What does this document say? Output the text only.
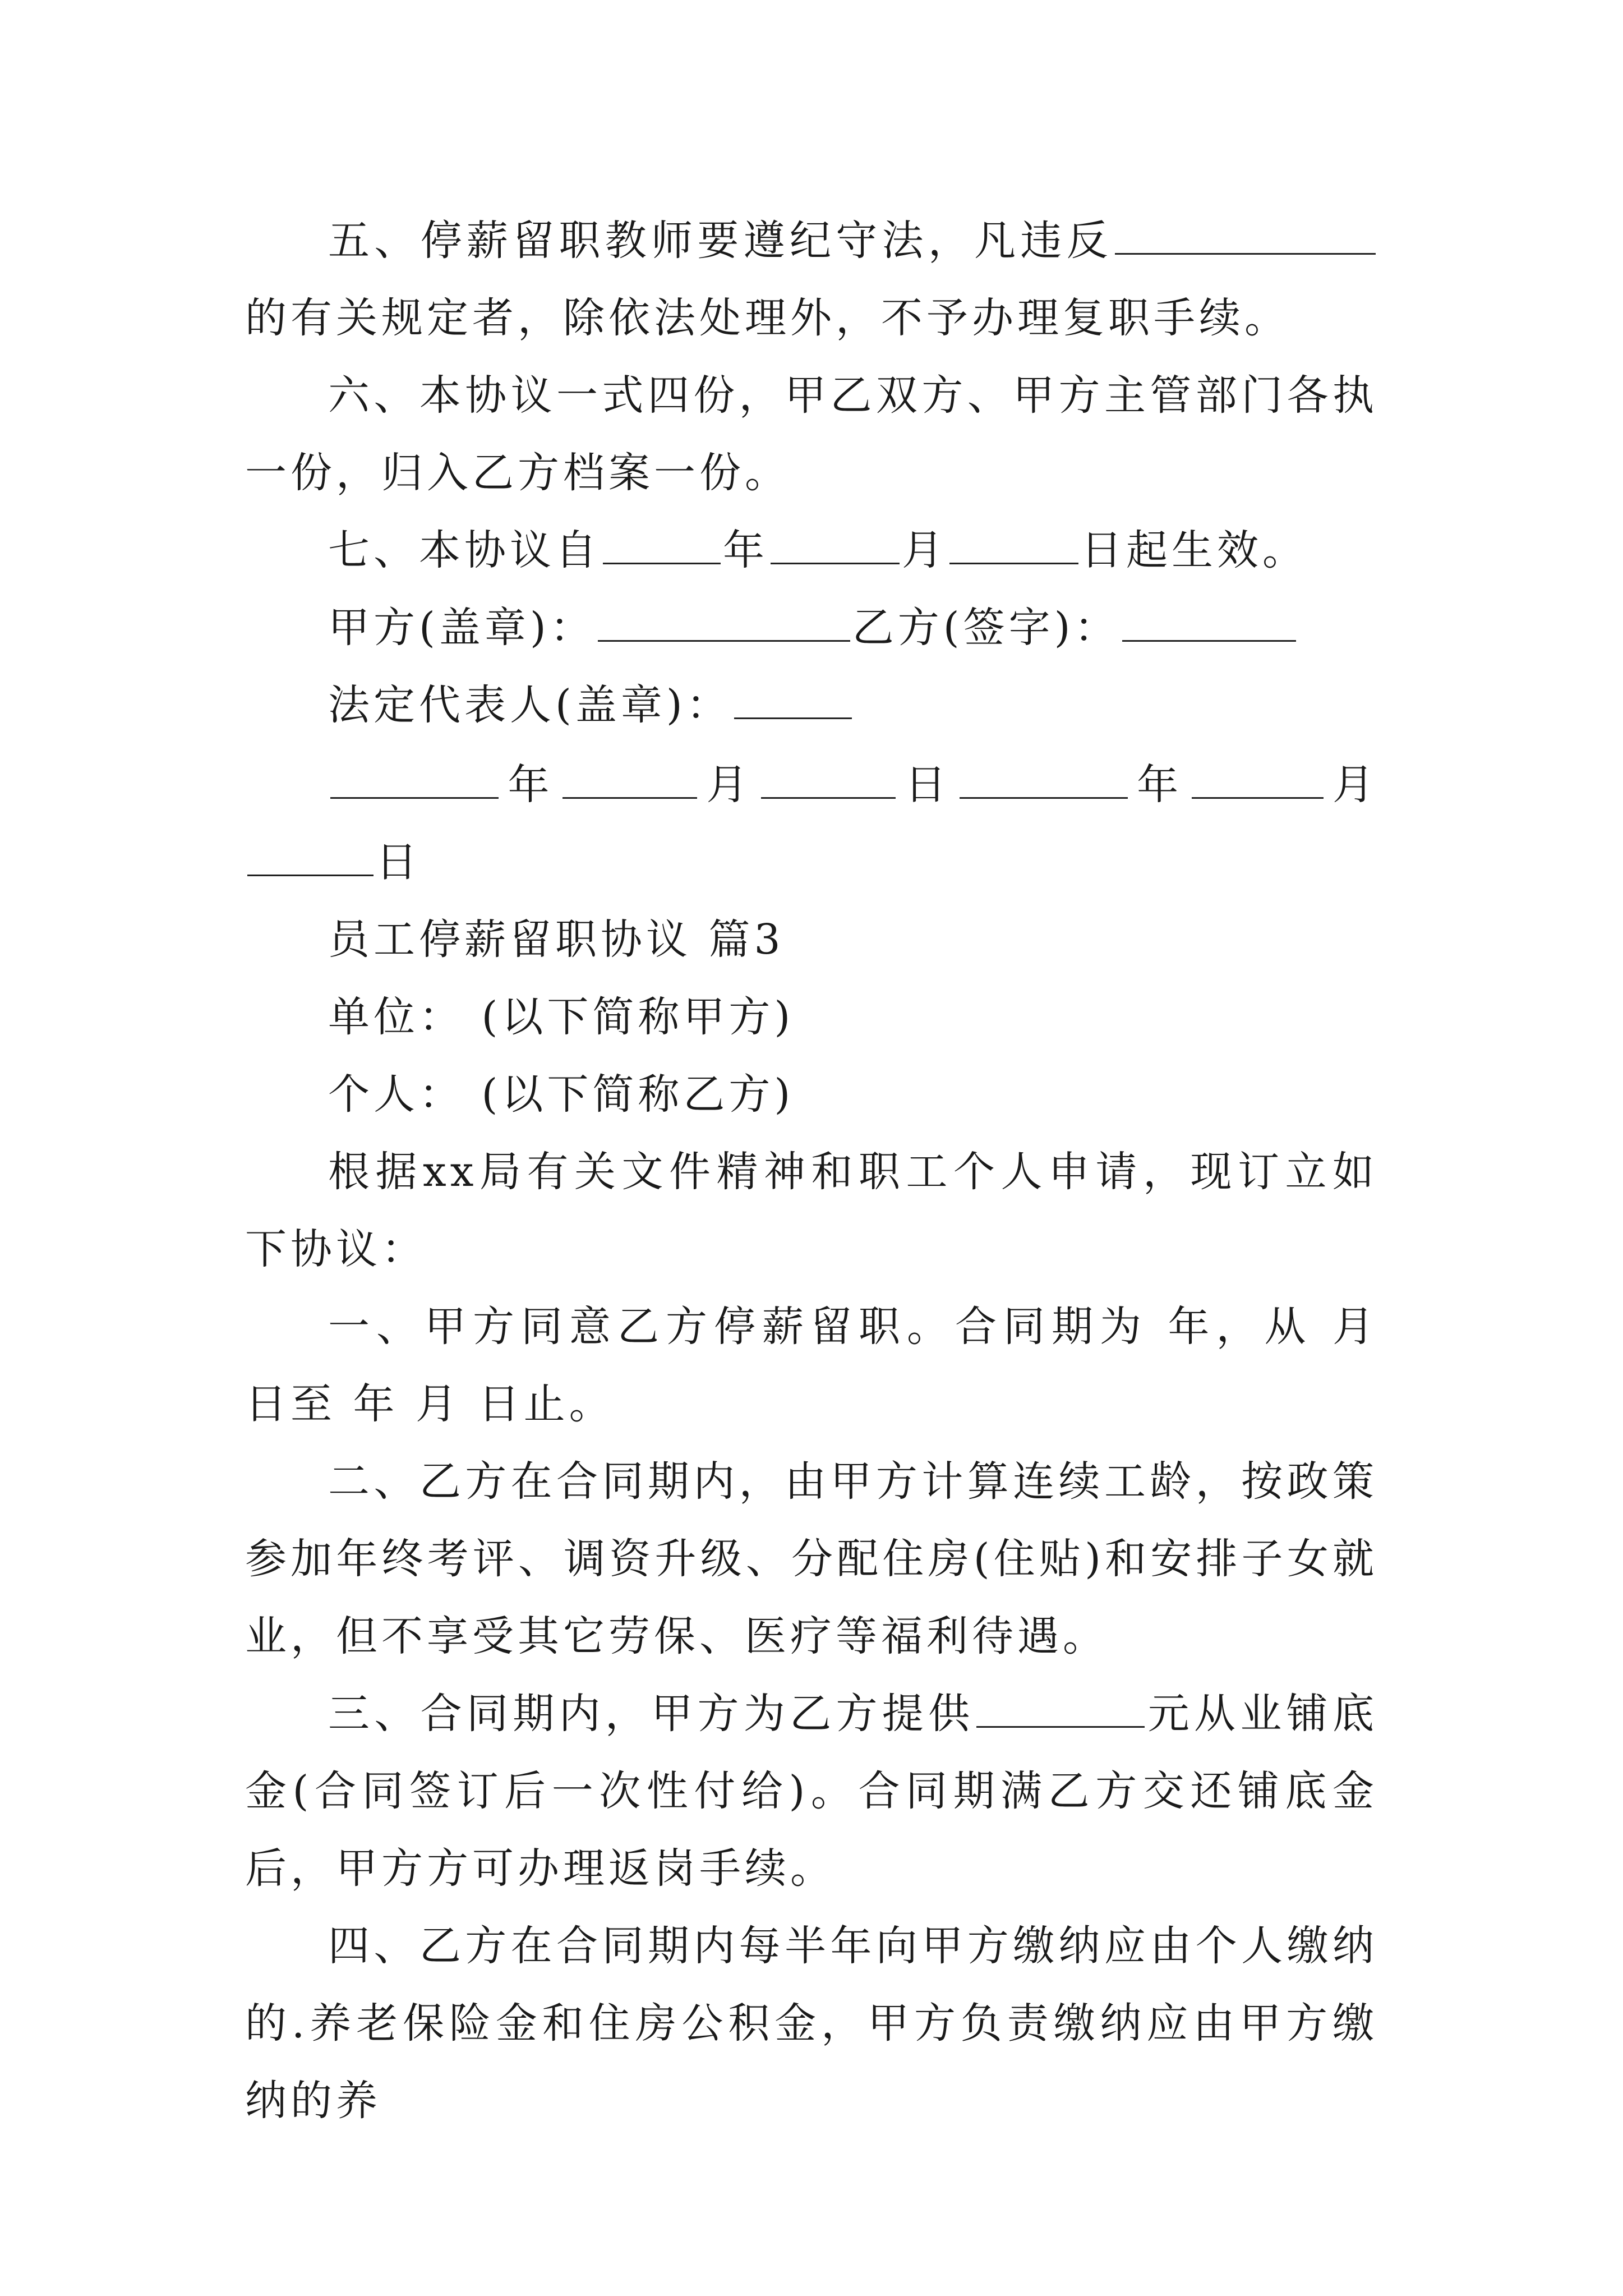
五、停薪留职教师要遵纪守法，凡违反的有关规定者，除依法处理外，不予办理复职手续。

六、本协议一式四份，甲乙双方、甲方主管部门各执一份，归入乙方档案一份。

七、本协议自	年	月	日起生效。

甲方(盖章)：	乙方(签字)：

法定代表人(盖章)：

年	月	日	年	月日

员工停薪留职协议 篇3

单位： (以下简称甲方)

个人： (以下简称乙方)

根据xx局有关文件精神和职工个人申请，现订立如下协议：

一、甲方同意乙方停薪留职。合同期为 年，从 月 日至 年 月 日止。

二、乙方在合同期内，由甲方计算连续工龄，按政策参加年终考评、调资升级、分配住房(住贴)和安排子女就业，但不享受其它劳保、医疗等福利待遇。

三、合同期内，甲方为乙方提供	元从业铺底金(合同签订后一次性付给)。合同期满乙方交还铺底金后，甲方方可办理返岗手续。

四、乙方在合同期内每半年向甲方缴纳应由个人缴纳的.养老保险金和住房公积金，甲方负责缴纳应由甲方缴纳的养
